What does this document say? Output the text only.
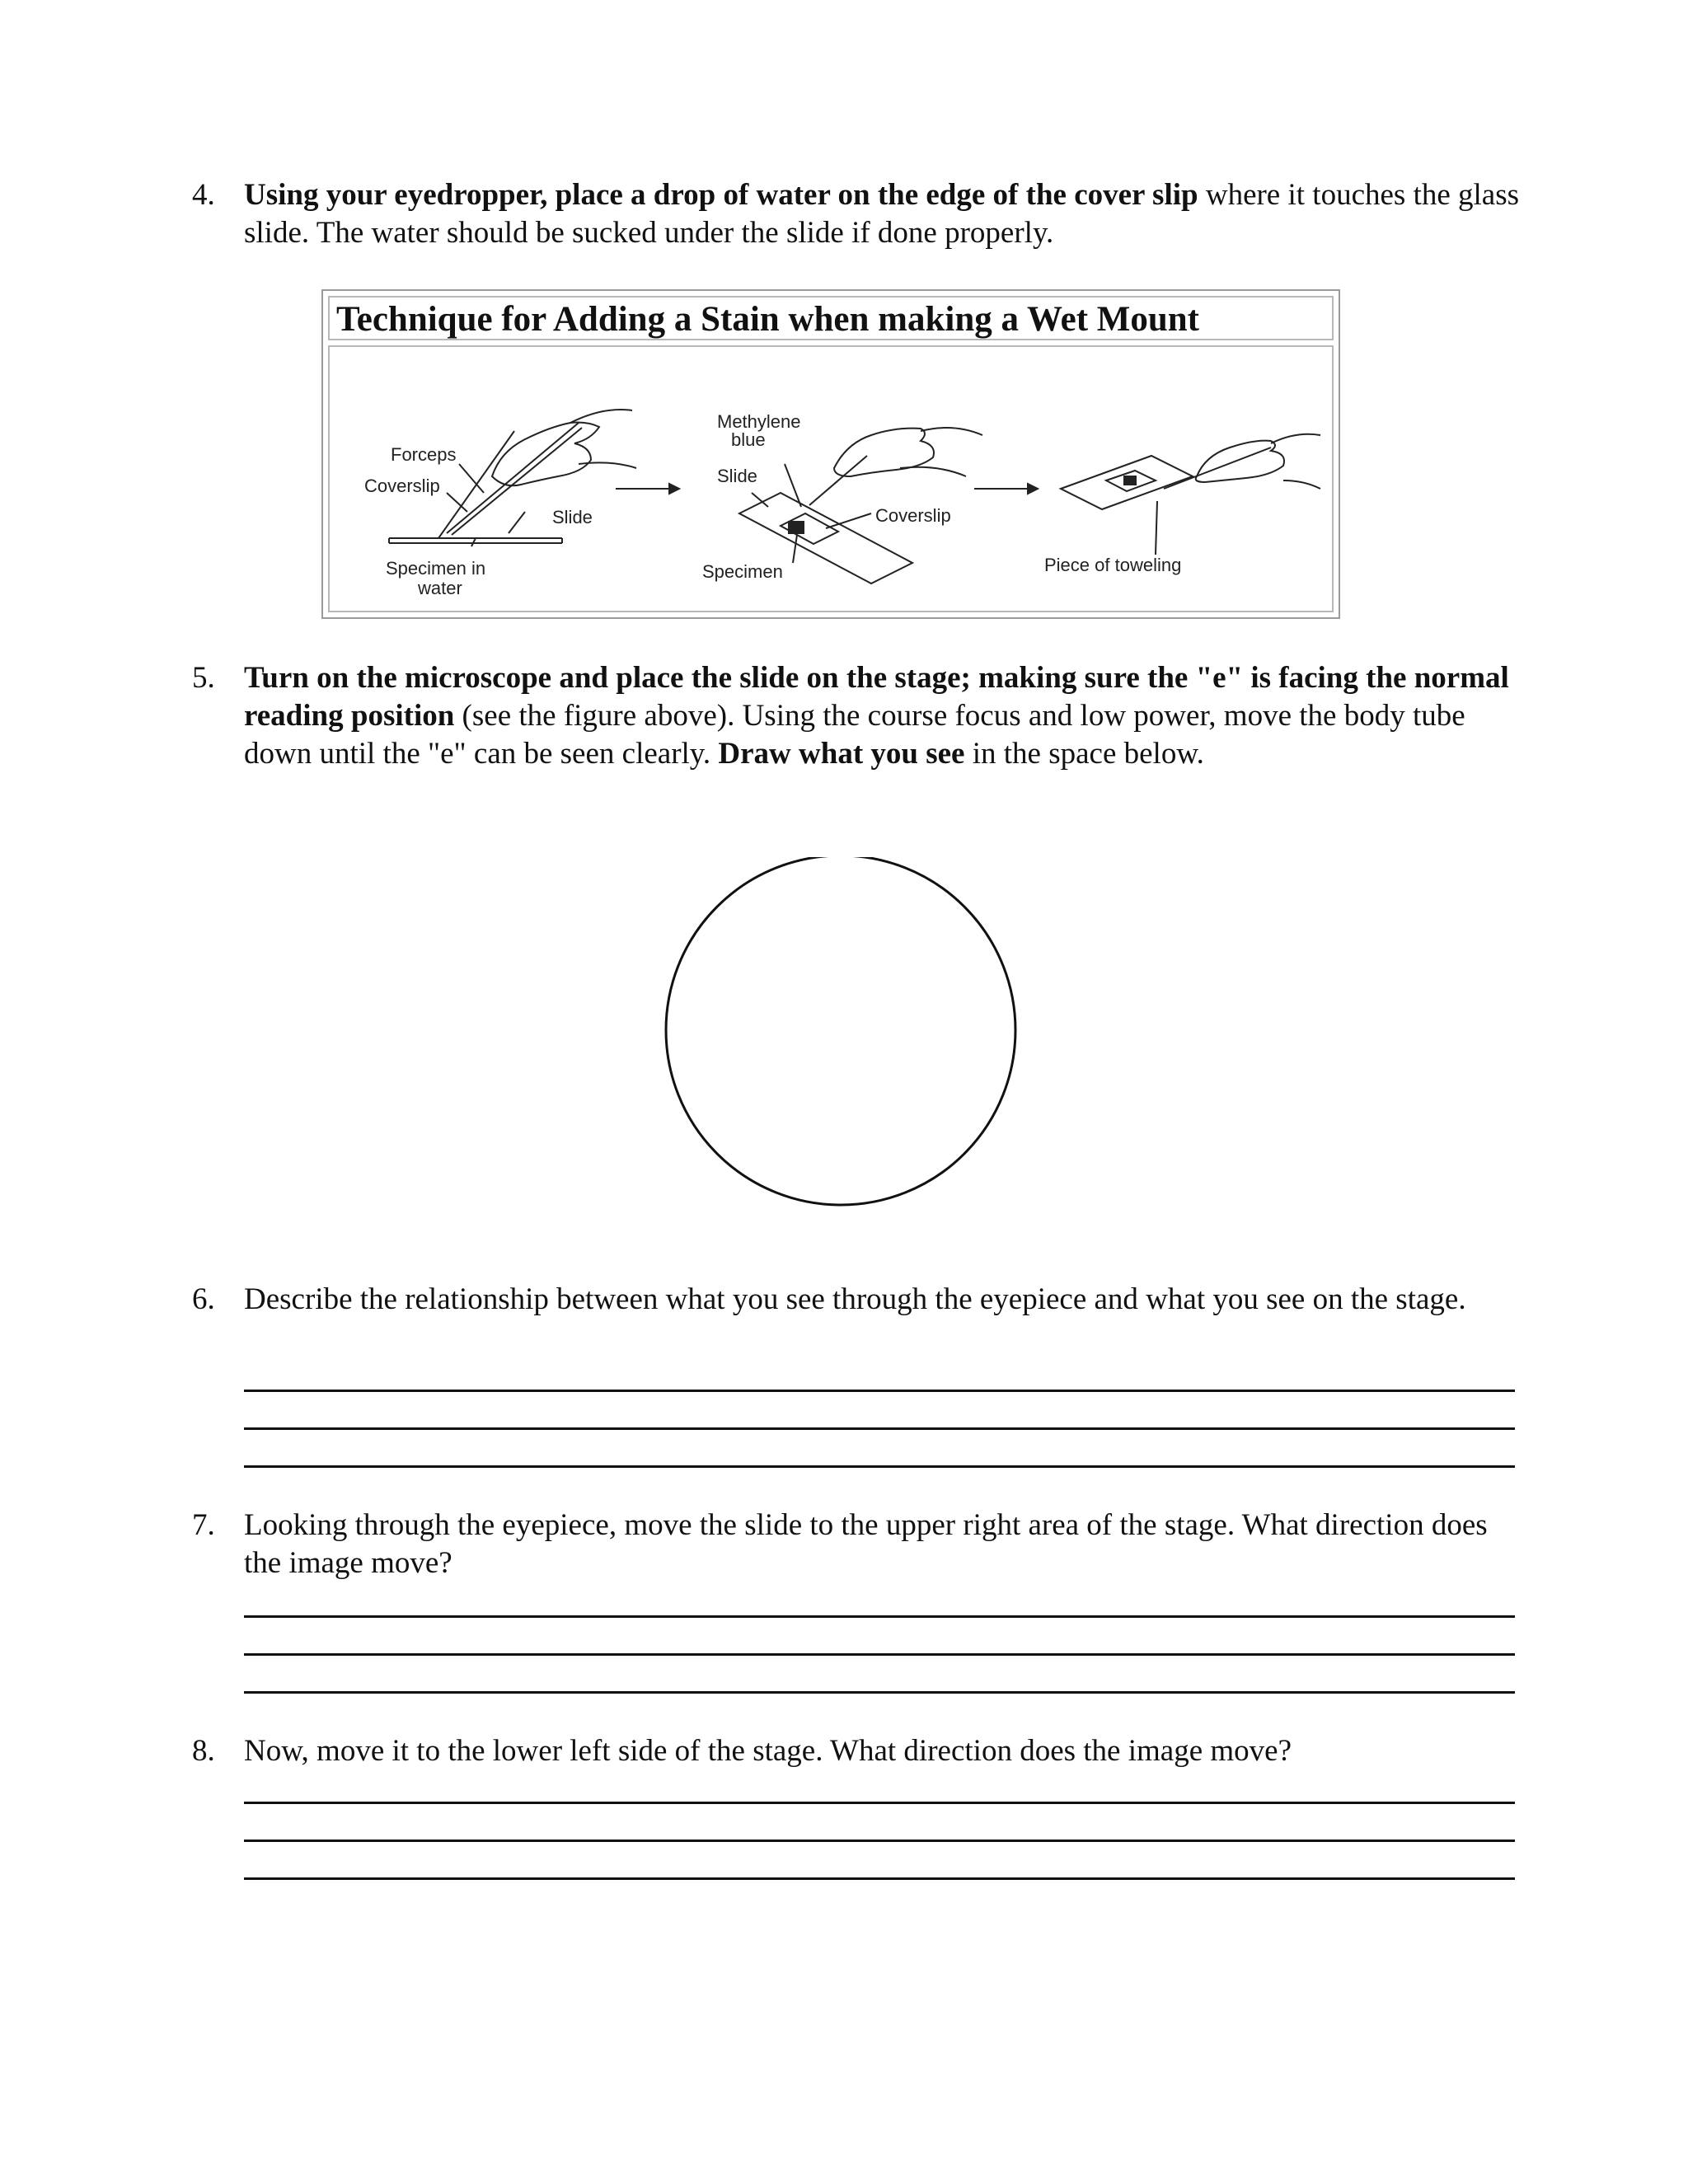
4. Using your eyedropper, place a drop of water on the edge of the cover slip where it touches the glass slide. The water should be sucked under the slide if done properly.
Technique for Adding a Stain when making a Wet Mount
Forceps
Coverslip
Slide
Specimen in
water
Methylene
blue
Slide
Coverslip
Specimen	Piece of toweling
5. Turn on the microscope and place the slide on the stage; making sure the "e" is facing the normal reading position (see the figure above). Using the course focus and low power, move the body tube down until the "e" can be seen clearly. Draw what you see in the space below.
6. Describe the relationship between what you see through the eyepiece and what you see on the stage.
7. Looking through the eyepiece, move the slide to the upper right area of the stage. What direction does the image move?
8. Now, move it to the lower left side of the stage. What direction does the image move?
